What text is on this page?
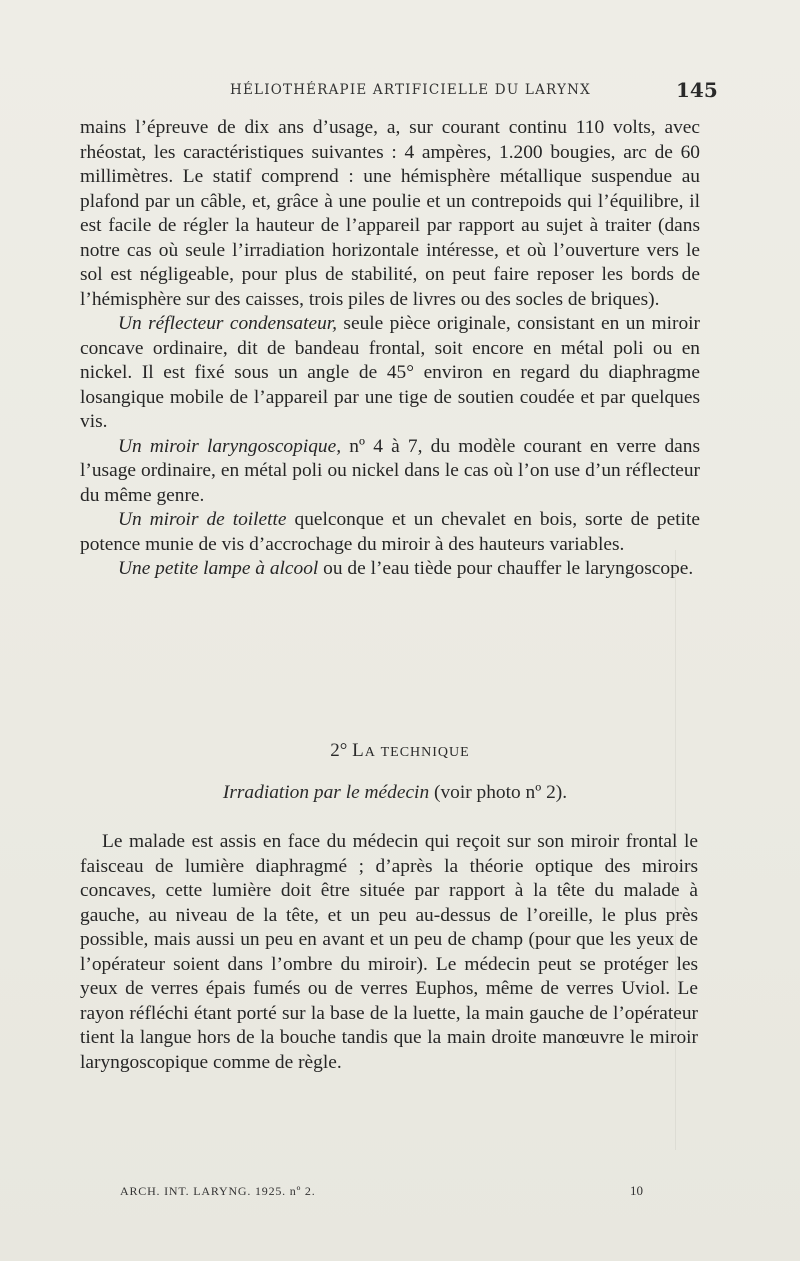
HÉLIOTHÉRAPIE ARTIFICIELLE DU LARYNX	145

mains l’épreuve de dix ans d’usage, a, sur courant continu 110 volts, avec rhéostat, les caractéristiques suivantes : 4 ampères, 1.200 bougies, arc de 60 millimètres. Le statif comprend : une hémisphère métallique suspendue au plafond par un câble, et, grâce à une poulie et un contrepoids qui l’équilibre, il est facile de régler la hauteur de l’appareil par rapport au sujet à traiter (dans notre cas où seule l’irradiation horizontale intéresse, et où l’ouverture vers le sol est négligeable, pour plus de stabilité, on peut faire reposer les bords de l’hémisphère sur des caisses, trois piles de livres ou des socles de briques).

Un réflecteur condensateur, seule pièce originale, consistant en un miroir concave ordinaire, dit de bandeau frontal, soit encore en métal poli ou en nickel. Il est fixé sous un angle de 45° environ en regard du diaphragme losangique mobile de l’appareil par une tige de soutien coudée et par quelques vis.

Un miroir laryngoscopique, nº 4 à 7, du modèle courant en verre dans l’usage ordinaire, en métal poli ou nickel dans le cas où l’on use d’un réflecteur du même genre.

Un miroir de toilette quelconque et un chevalet en bois, sorte de petite potence munie de vis d’accrochage du miroir à des hauteurs variables.

Une petite lampe à alcool ou de l’eau tiède pour chauffer le laryngoscope.

2° LA TECHNIQUE
Irradiation par le médecin (voir photo nº 2).

Le malade est assis en face du médecin qui reçoit sur son miroir frontal le faisceau de lumière diaphragmé ; d’après la théorie optique des miroirs concaves, cette lumière doit être située par rapport à la tête du malade à gauche, au niveau de la tête, et un peu au-dessus de l’oreille, le plus près possible, mais aussi un peu en avant et un peu de champ (pour que les yeux de l’opérateur soient dans l’ombre du miroir). Le médecin peut se protéger les yeux de verres épais fumés ou de verres Euphos, même de verres Uviol. Le rayon réfléchi étant porté sur la base de la luette, la main gauche de l’opérateur tient la langue hors de la bouche tandis que la main droite manœuvre le miroir laryngoscopique comme de règle.

ARCH. INT. LARYNG. 1925. nº 2.	10
